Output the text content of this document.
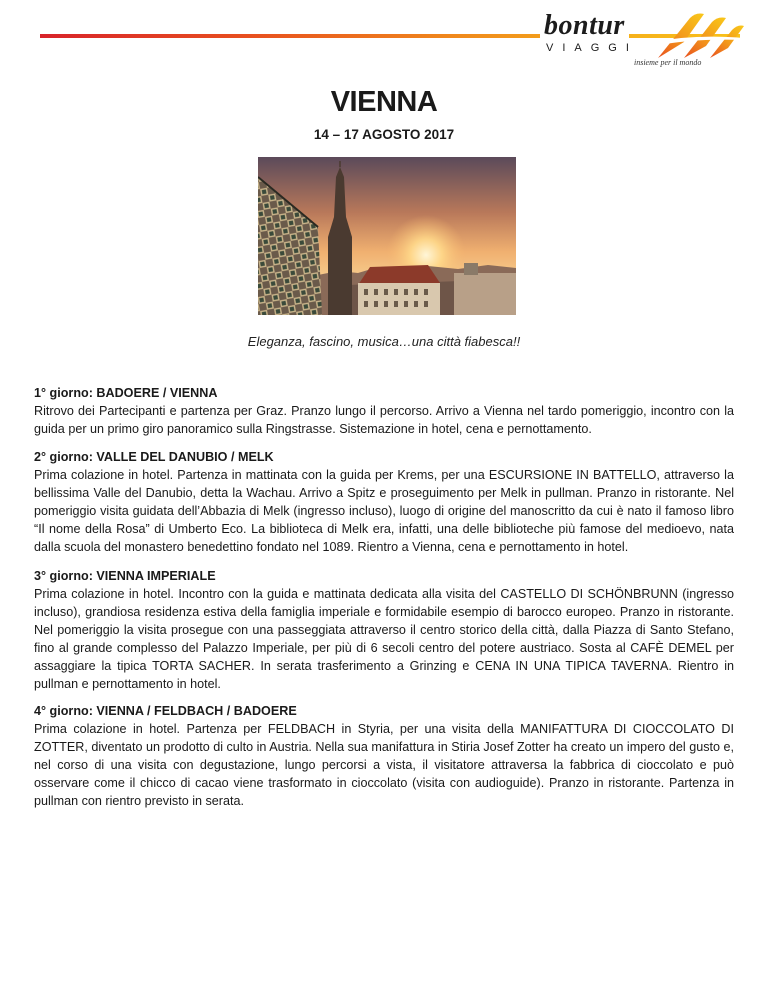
bontur
VIAGGI
insieme per il mondo
VIENNA
14 – 17 AGOSTO 2017
Eleganza, fascino, musica…una città fiabesca!!

1° giorno: BADOERE / VIENNA

Ritrovo dei Partecipanti e partenza per Graz. Pranzo lungo il percorso. Arrivo a Vienna nel tardo pomeriggio, incontro con la guida per un primo giro panoramico sulla Ringstrasse. Sistemazione in hotel, cena e pernottamento.

2° giorno: VALLE DEL DANUBIO / MELK

Prima colazione in hotel. Partenza in mattinata con la guida per Krems, per una ESCURSIONE IN BATTELLO, attraverso la bellissima Valle del Danubio, detta la Wachau. Arrivo a Spitz e proseguimento per Melk in pullman. Pranzo in ristorante. Nel pomeriggio visita guidata dell’Abbazia di Melk (ingresso incluso), luogo di origine del manoscritto da cui è nato il famoso libro “Il nome della Rosa” di Umberto Eco. La biblioteca di Melk era, infatti, una delle biblioteche più famose del medioevo, nata dalla scuola del monastero benedettino fondato nel 1089. Rientro a Vienna, cena e pernottamento in hotel.

3° giorno: VIENNA IMPERIALE

Prima colazione in hotel. Incontro con la guida e mattinata dedicata alla visita del CASTELLO DI SCHÖNBRUNN (ingresso incluso), grandiosa residenza estiva della famiglia imperiale e formidabile esempio di barocco europeo. Pranzo in ristorante. Nel pomeriggio la visita prosegue con una passeggiata attraverso il centro storico della città, dalla Piazza di Santo Stefano, fino al grande complesso del Palazzo Imperiale, per più di 6 secoli centro del potere austriaco. Sosta al CAFÈ DEMEL per assaggiare la tipica TORTA SACHER. In serata trasferimento a Grinzing e CENA IN UNA TIPICA TAVERNA. Rientro in pullman e pernottamento in hotel.

4° giorno: VIENNA / FELDBACH / BADOERE

Prima colazione in hotel. Partenza per FELDBACH in Styria, per una visita della MANIFATTURA DI CIOCCOLATO DI ZOTTER, diventato un prodotto di culto in Austria. Nella sua manifattura in Stiria Josef Zotter ha creato un impero del gusto e, nel corso di una visita con degustazione, lungo percorsi a vista, il visitatore attraversa la fabbrica di cioccolato e può osservare come il chicco di cacao viene trasformato in cioccolato (visita con audioguide). Pranzo in ristorante. Partenza in pullman con rientro previsto in serata.
